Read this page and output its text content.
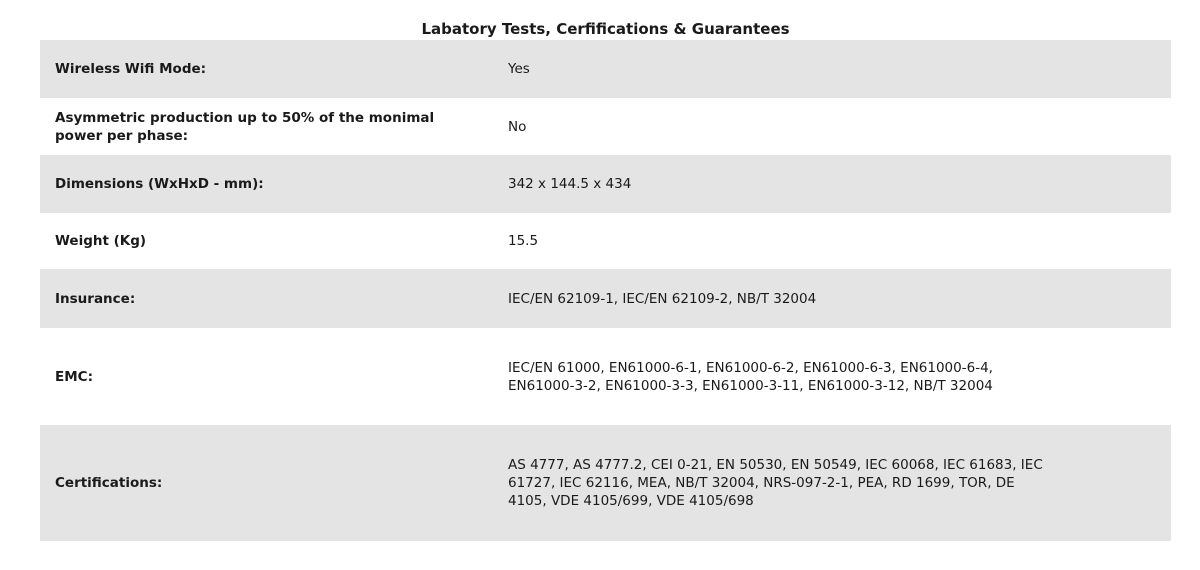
Labatory Tests, Cerfifications & Guarantees
Wireless Wifi Mode:	Yes
Asymmetric production up to 50% of the monimal power per phase:
No
Dimensions (WxHxD - mm):	342 x 144.5 x 434
Weight (Kg)	15.5
Insurance:	IEC/EN 62109-1, IEC/EN 62109-2, NB/T 32004
EMC:
IEC/EN 61000, EN61000-6-1, EN61000-6-2, EN61000-6-3, EN61000-6-4, EN61000-3-2, EN61000-3-3, EN61000-3-11, EN61000-3-12, NB/T 32004
Certifications:
AS 4777, AS 4777.2, CEI 0-21, EN 50530, EN 50549, IEC 60068, IEC 61683, IEC 61727, IEC 62116, MEA, NB/T 32004, NRS-097-2-1, PEA, RD 1699, TOR, DE 4105, VDE 4105/699, VDE 4105/698
